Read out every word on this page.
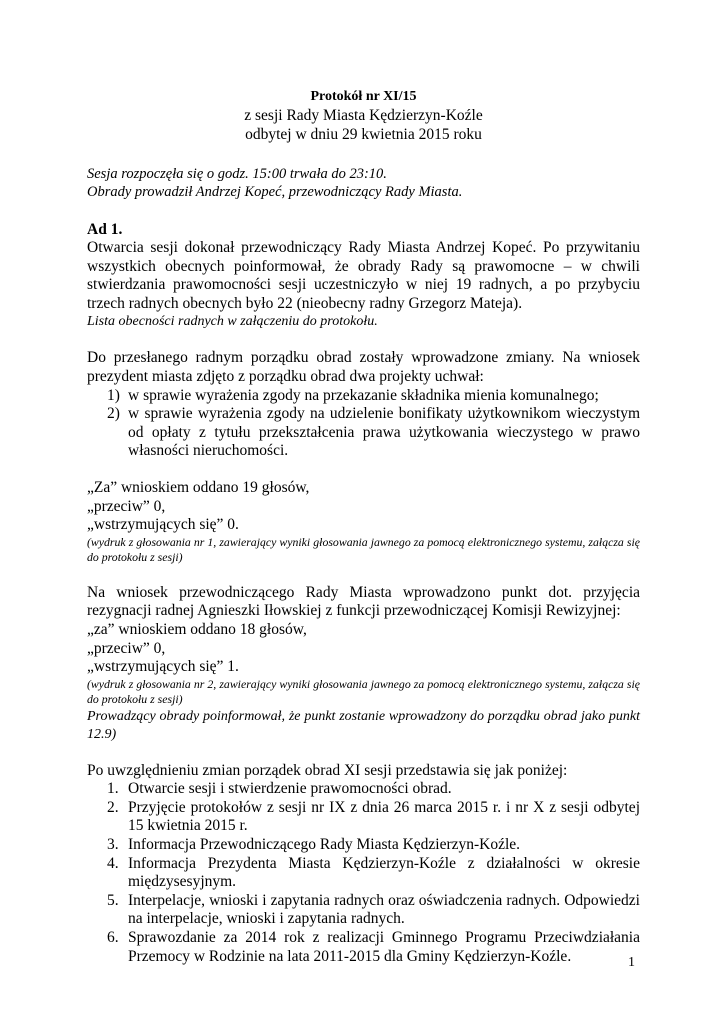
Protokół nr XI/15

z sesji Rady Miasta Kędzierzyn-Koźle

odbytej w dniu 29 kwietnia 2015 roku

Sesja rozpoczęła się o godz. 15:00 trwała do 23:10.

Obrady prowadził Andrzej Kopeć, przewodniczący Rady Miasta.

Ad 1.

Otwarcia sesji dokonał przewodniczący Rady Miasta Andrzej Kopeć. Po przywitaniu wszystkich obecnych poinformował, że obrady Rady są prawomocne – w chwili stwierdzania prawomocności sesji uczestniczyło w niej 19 radnych, a po przybyciu trzech radnych obecnych było 22 (nieobecny radny Grzegorz Mateja).

Lista obecności radnych w załączeniu do protokołu.

Do przesłanego radnym porządku obrad zostały wprowadzone zmiany. Na wniosek prezydent miasta zdjęto z porządku obrad dwa projekty uchwał:

1) w sprawie wyrażenia zgody na przekazanie składnika mienia komunalnego;
2) w sprawie wyrażenia zgody na udzielenie bonifikaty użytkownikom wieczystym od opłaty z tytułu przekształcenia prawa użytkowania wieczystego w prawo własności nieruchomości.

„Za” wnioskiem oddano 19 głosów,

„przeciw” 0,

„wstrzymujących się” 0.

(wydruk z głosowania nr 1, zawierający wyniki głosowania jawnego za pomocą elektronicznego systemu, załącza się do protokołu z sesji)

Na wniosek przewodniczącego Rady Miasta wprowadzono punkt dot. przyjęcia rezygnacji radnej Agnieszki Iłowskiej z funkcji przewodniczącej Komisji Rewizyjnej:

„za” wnioskiem oddano 18 głosów,

„przeciw” 0,

„wstrzymujących się” 1.

(wydruk z głosowania nr 2, zawierający wyniki głosowania jawnego za pomocą elektronicznego systemu, załącza się do protokołu z sesji)

Prowadzący obrady poinformował, że punkt zostanie wprowadzony do porządku obrad jako punkt 12.9)

Po uwzględnieniu zmian porządek obrad XI sesji przedstawia się jak poniżej:

1. Otwarcie sesji i stwierdzenie prawomocności obrad.
2. Przyjęcie protokołów z sesji nr IX z dnia 26 marca 2015 r. i nr X z sesji odbytej 15 kwietnia 2015 r.
3. Informacja Przewodniczącego Rady Miasta Kędzierzyn-Koźle.
4. Informacja Prezydenta Miasta Kędzierzyn-Koźle z działalności w okresie międzysesyjnym.
5. Interpelacje, wnioski i zapytania radnych oraz oświadczenia radnych. Odpowiedzi na interpelacje, wnioski i zapytania radnych.
6. Sprawozdanie za 2014 rok z realizacji Gminnego Programu Przeciwdziałania Przemocy w Rodzinie na lata 2011-2015 dla Gminy Kędzierzyn-Koźle.	1
